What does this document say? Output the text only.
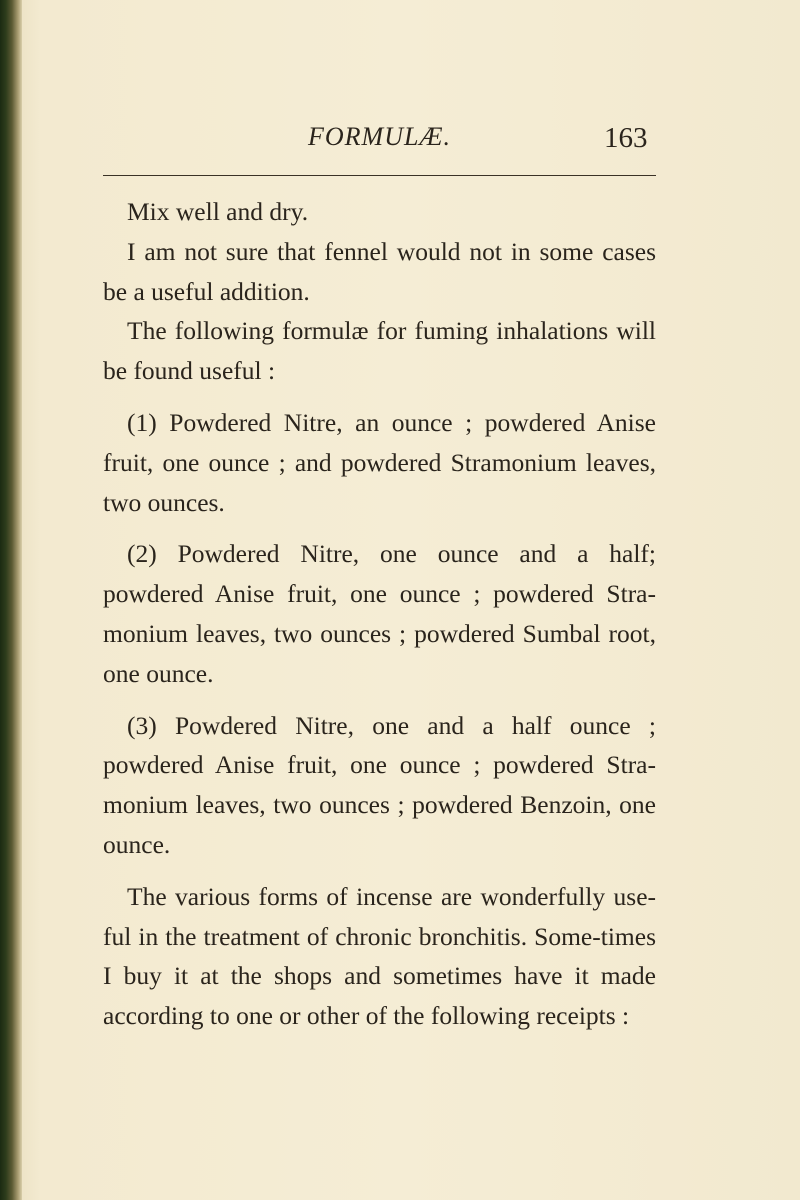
FORMULÆ.	163

Mix well and dry.

I am not sure that fennel would not in some cases be a useful addition.

The following formulæ for fuming inhalations will be found useful :

(1) Powdered Nitre, an ounce ; powdered Anise fruit, one ounce ; and powdered Stramonium leaves, two ounces.

(2) Powdered Nitre, one ounce and a half; powdered Anise fruit, one ounce ; powdered Stra-monium leaves, two ounces ; powdered Sumbal root, one ounce.

(3) Powdered Nitre, one and a half ounce ; powdered Anise fruit, one ounce ; powdered Stra-monium leaves, two ounces ; powdered Benzoin, one ounce.

The various forms of incense are wonderfully use-ful in the treatment of chronic bronchitis. Some-times I buy it at the shops and sometimes have it made according to one or other of the following receipts :
